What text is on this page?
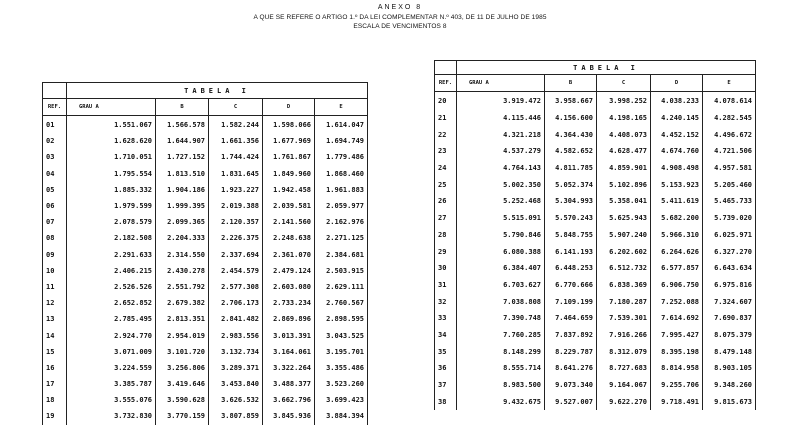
ANEXO 8
A QUE SE REFERE O ARTIGO 1.º DA LEI COMPLEMENTAR N.º 403, DE 11 DE JULHO DE 1985
ESCALA DE VENCIMENTOS 8
	TABELA I				
REF.	GRAU A	B	C	D	E

01	1.551.067	1.566.578	1.582.244	1.598.066	1.614.047
02	1.628.620	1.644.907	1.661.356	1.677.969	1.694.749
03	1.710.051	1.727.152	1.744.424	1.761.867	1.779.486
04	1.795.554	1.813.510	1.831.645	1.849.960	1.868.460
05	1.885.332	1.904.186	1.923.227	1.942.458	1.961.883
06	1.979.599	1.999.395	2.019.388	2.039.581	2.059.977
07	2.078.579	2.099.365	2.120.357	2.141.560	2.162.976
08	2.182.508	2.204.333	2.226.375	2.248.638	2.271.125
09	2.291.633	2.314.550	2.337.694	2.361.070	2.384.681
10	2.406.215	2.430.278	2.454.579	2.479.124	2.503.915
11	2.526.526	2.551.792	2.577.308	2.603.080	2.629.111
12	2.652.852	2.679.382	2.706.173	2.733.234	2.760.567
13	2.785.495	2.813.351	2.841.482	2.869.896	2.898.595
14	2.924.770	2.954.019	2.983.556	3.013.391	3.043.525
15	3.071.009	3.101.720	3.132.734	3.164.061	3.195.701
16	3.224.559	3.256.806	3.289.371	3.322.264	3.355.486
17	3.385.787	3.419.646	3.453.840	3.488.377	3.523.260
18	3.555.076	3.590.628	3.626.532	3.662.796	3.699.423
19	3.732.830	3.770.159	3.807.859	3.845.936	3.884.394
	TABELA I				
REF.	GRAU A	B	C	D	E

20	3.919.472	3.958.667	3.998.252	4.038.233	4.078.614
21	4.115.446	4.156.600	4.198.165	4.240.145	4.282.545
22	4.321.218	4.364.430	4.408.073	4.452.152	4.496.672
23	4.537.279	4.582.652	4.628.477	4.674.760	4.721.506
24	4.764.143	4.811.785	4.859.901	4.908.498	4.957.581
25	5.002.350	5.052.374	5.102.896	5.153.923	5.205.460
26	5.252.468	5.304.993	5.358.041	5.411.619	5.465.733
27	5.515.091	5.570.243	5.625.943	5.682.200	5.739.020
28	5.790.846	5.848.755	5.907.240	5.966.310	6.025.971
29	6.080.388	6.141.193	6.202.602	6.264.626	6.327.270
30	6.384.407	6.448.253	6.512.732	6.577.857	6.643.634
31	6.703.627	6.770.666	6.838.369	6.906.750	6.975.816
32	7.038.808	7.109.199	7.180.287	7.252.088	7.324.607
33	7.390.748	7.464.659	7.539.301	7.614.692	7.690.837
34	7.760.285	7.837.892	7.916.266	7.995.427	8.075.379
35	8.148.299	8.229.787	8.312.079	8.395.198	8.479.148
36	8.555.714	8.641.276	8.727.683	8.814.958	8.903.105
37	8.983.500	9.073.340	9.164.067	9.255.706	9.348.260
38	9.432.675	9.527.007	9.622.270	9.718.491	9.815.673
